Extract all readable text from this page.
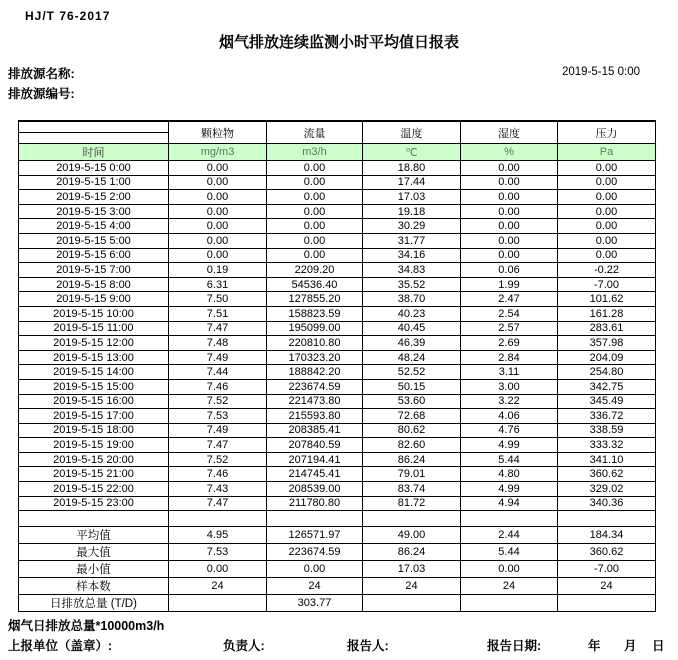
HJ/T 76-2017
烟气排放连续监测小时平均值日报表
排放源名称:
排放源编号:
2019-5-15 0:00
	颗粒物	流量	温度	湿度	压力

时间	mg/m3	m3/h	℃	%	Pa
2019-5-15 0:00	0.00	0.00	18.80	0.00	0.00
2019-5-15 1:00	0.00	0.00	17.44	0.00	0.00
2019-5-15 2:00	0.00	0.00	17.03	0.00	0.00
2019-5-15 3:00	0.00	0.00	19.18	0.00	0.00
2019-5-15 4:00	0.00	0.00	30.29	0.00	0.00
2019-5-15 5:00	0.00	0.00	31.77	0.00	0.00
2019-5-15 6:00	0.00	0.00	34.16	0.00	0.00
2019-5-15 7:00	0.19	2209.20	34.83	0.06	-0.22
2019-5-15 8:00	6.31	54536.40	35.52	1.99	-7.00
2019-5-15 9:00	7.50	127855.20	38.70	2.47	101.62
2019-5-15 10:00	7.51	158823.59	40.23	2.54	161.28
2019-5-15 11:00	7.47	195099.00	40.45	2.57	283.61
2019-5-15 12:00	7.48	220810.80	46.39	2.69	357.98
2019-5-15 13:00	7.49	170323.20	48.24	2.84	204.09
2019-5-15 14:00	7.44	188842.20	52.52	3.11	254.80
2019-5-15 15:00	7.46	223674.59	50.15	3.00	342.75
2019-5-15 16:00	7.52	221473.80	53.60	3.22	345.49
2019-5-15 17:00	7.53	215593.80	72.68	4.06	336.72
2019-5-15 18:00	7.49	208385.41	80.62	4.76	338.59
2019-5-15 19:00	7.47	207840.59	82.60	4.99	333.32
2019-5-15 20:00	7.52	207194.41	86.24	5.44	341.10
2019-5-15 21:00	7.46	214745.41	79.01	4.80	360.62
2019-5-15 22:00	7.43	208539.00	83.74	4.99	329.02
2019-5-15 23:00	7.47	211780.80	81.72	4.94	340.36

平均值	4.95	126571.97	49.00	2.44	184.34
最大值	7.53	223674.59	86.24	5.44	360.62
最小值	0.00	0.00	17.03	0.00	-7.00
样本数	24	24	24	24	24
日排放总量 (T/D)		303.77			
烟气日排放总量*10000m3/h
上报单位（盖章）:	负责人:	报告人:	报告日期:	年 月 日
